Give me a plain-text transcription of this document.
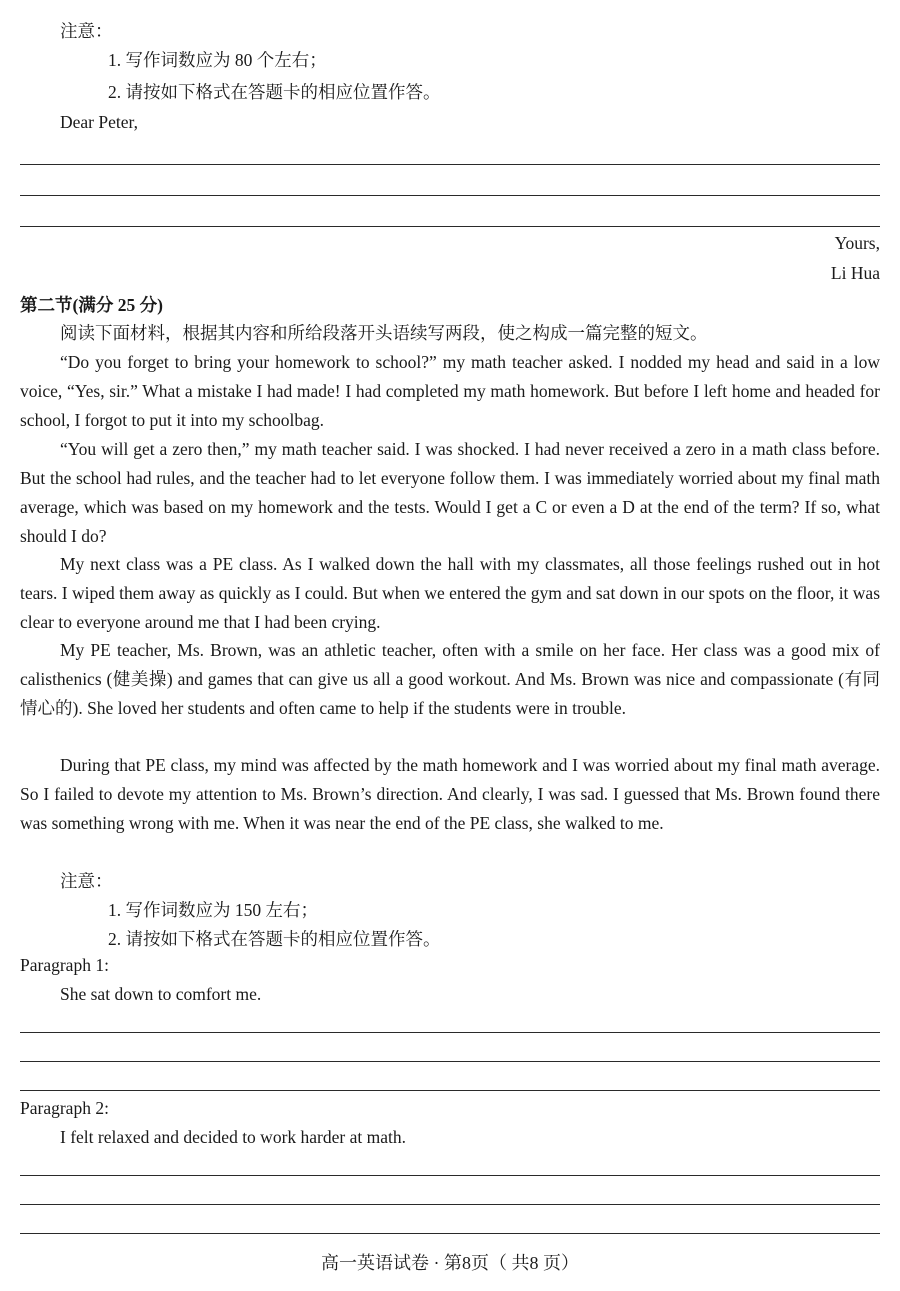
注意：
1. 写作词数应为 80 个左右；
2. 请按如下格式在答题卡的相应位置作答。
Dear Peter,
Yours,
Li Hua
第二节(满分 25 分)
阅读下面材料，根据其内容和所给段落开头语续写两段，使之构成一篇完整的短文。
“Do you forget to bring your homework to school?” my math teacher asked. I nodded my head and said in a low voice, “Yes, sir.” What a mistake I had made! I had completed my math homework. But before I left home and headed for school, I forgot to put it into my schoolbag.
“You will get a zero then,” my math teacher said. I was shocked. I had never received a zero in a math class before. But the school had rules, and the teacher had to let everyone follow them. I was immediately worried about my final math average, which was based on my homework and the tests. Would I get a C or even a D at the end of the term? If so, what should I do?
My next class was a PE class. As I walked down the hall with my classmates, all those feelings rushed out in hot tears. I wiped them away as quickly as I could. But when we entered the gym and sat down in our spots on the floor, it was clear to everyone around me that I had been crying.
My PE teacher, Ms. Brown, was an athletic teacher, often with a smile on her face. Her class was a good mix of calisthenics (健美操) and games that can give us all a good workout. And Ms. Brown was nice and compassionate (有同情心的). She loved her students and often came to help if the students were in trouble.
During that PE class, my mind was affected by the math homework and I was worried about my final math average. So I failed to devote my attention to Ms. Brown’s direction. And clearly, I was sad. I guessed that Ms. Brown found there was something wrong with me. When it was near the end of the PE class, she walked to me.
注意：
1. 写作词数应为 150 左右；
2. 请按如下格式在答题卡的相应位置作答。
Paragraph 1:
She sat down to comfort me.
Paragraph 2:
I felt relaxed and decided to work harder at math.
高一英语试卷 · 第8页（ 共8 页）
